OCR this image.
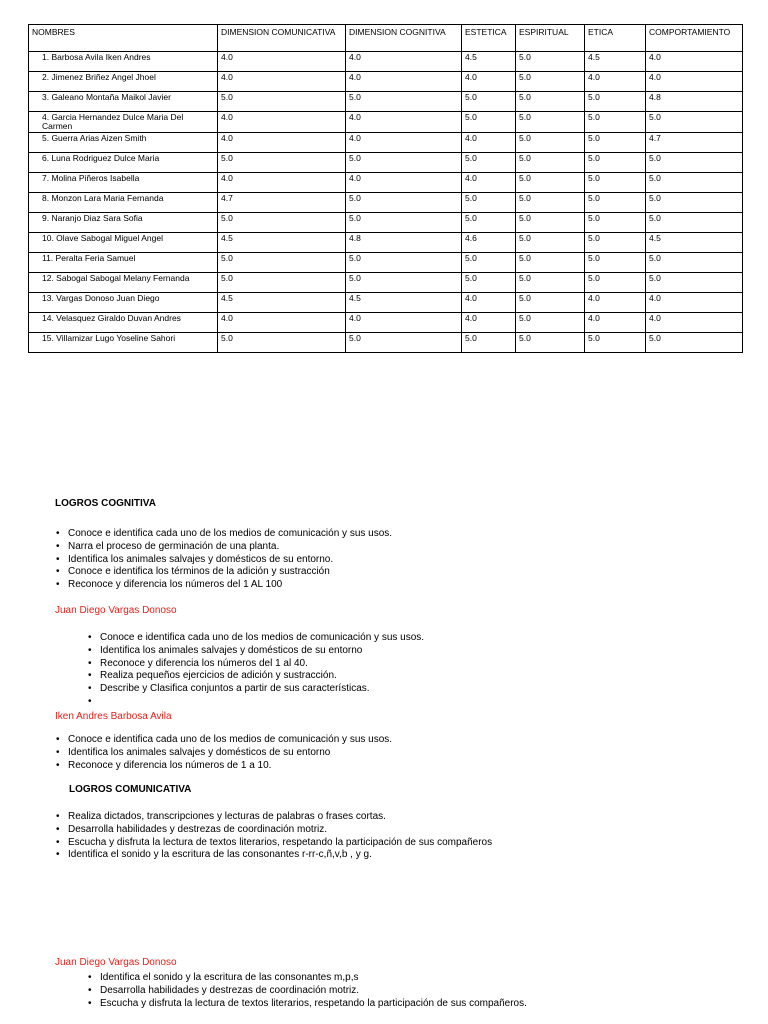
NOMBRES	DIMENSION COMUNICATIVA	DIMENSION COGNITIVA	ESTETICA	ESPIRITUAL	ETICA	COMPORTAMIENTO
1. Barbosa Avila Iken Andres	4.0	4.0	4.5	5.0	4.5	4.0
2. Jimenez Briñez Angel Jhoel	4.0	4.0	4.0	5.0	4.0	4.0
3. Galeano Montaña Maikol Javier	5.0	5.0	5.0	5.0	5.0	4.8
4. Garcia Hernandez Dulce Maria Del Carmen	4.0	4.0	5.0	5.0	5.0	5.0
5. Guerra Arias Aizen Smith	4.0	4.0	4.0	5.0	5.0	4.7
6. Luna Rodriguez Dulce Maria	5.0	5.0	5.0	5.0	5.0	5.0
7. Molina Piñeros Isabella	4.0	4.0	4.0	5.0	5.0	5.0
8. Monzon Lara Maria Fernanda	4.7	5.0	5.0	5.0	5.0	5.0
9. Naranjo Diaz Sara Sofia	5.0	5.0	5.0	5.0	5.0	5.0
10. Olave Sabogal Miguel Angel	4.5	4.8	4.6	5.0	5.0	4.5
11. Peralta Feria Samuel	5.0	5.0	5.0	5.0	5.0	5.0
12. Sabogal Sabogal Melany Fernanda	5.0	5.0	5.0	5.0	5.0	5.0
13. Vargas Donoso Juan Diego	4.5	4.5	4.0	5.0	4.0	4.0
14. Velasquez Giraldo Duvan Andres	4.0	4.0	4.0	5.0	4.0	4.0
15. Villamizar Lugo Yoseline Sahori	5.0	5.0	5.0	5.0	5.0	5.0
LOGROS COGNITIVA
• Conoce e identifica cada uno de los medios de comunicación y sus usos.
• Narra el proceso de germinación de una planta.
• Identifica los animales salvajes y domésticos de su entorno.
• Conoce e identifica los términos de la adición y sustracción
• Reconoce y diferencia los números del 1 AL 100
Juan Diego Vargas Donoso
• Conoce e identifica cada uno de los medios de comunicación y sus usos.
• Identifica los animales salvajes y domésticos de su entorno
• Reconoce y diferencia los números del 1 al 40.
• Realiza pequeños ejercicios de adición y sustracción.
• Describe y Clasifica conjuntos a partir de sus características.
•
Iken Andres Barbosa Avila
• Conoce e identifica cada uno de los medios de comunicación y sus usos.
• Identifica los animales salvajes y domésticos de su entorno
• Reconoce y diferencia los números de 1 a 10.
LOGROS COMUNICATIVA
• Realiza dictados, transcripciones y lecturas de palabras o frases cortas.
• Desarrolla habilidades y destrezas de coordinación motriz.
• Escucha y disfruta la lectura de textos literarios, respetando la participación de sus compañeros
• Identifica el sonido y la escritura de las consonantes r-rr-c,ñ,v,b , y g.
Juan Diego Vargas Donoso
• Identifica el sonido y la escritura de las consonantes m,p,s
• Desarrolla habilidades y destrezas de coordinación motriz.
• Escucha y disfruta la lectura de textos literarios, respetando la participación de sus compañeros.
